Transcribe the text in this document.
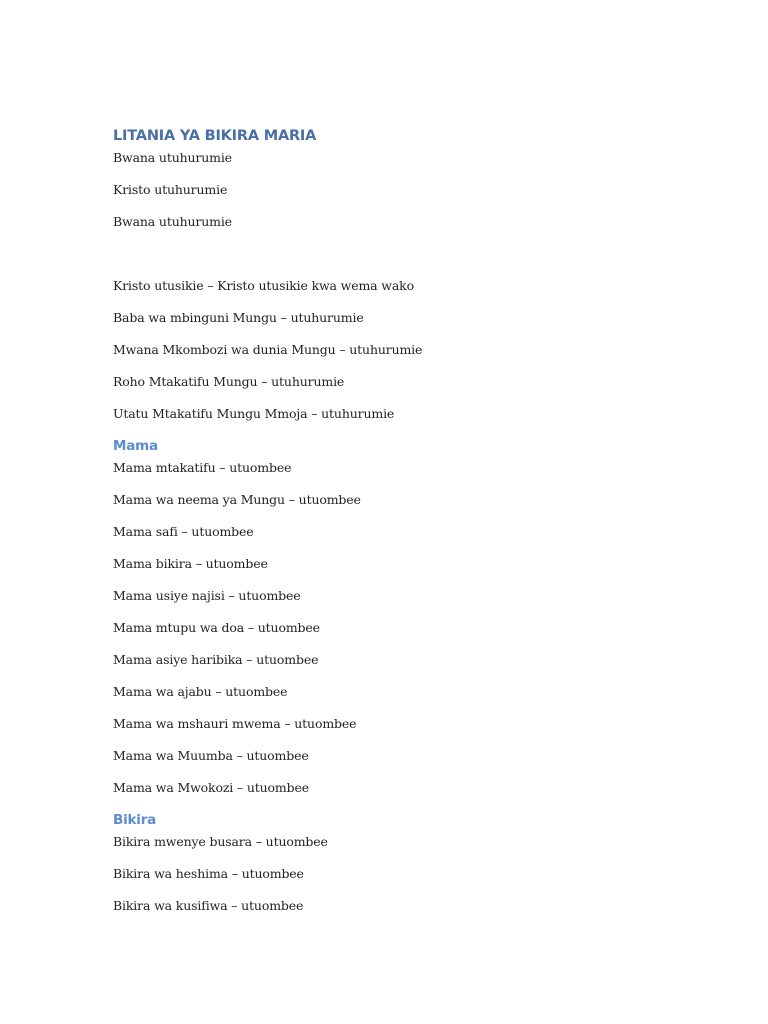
LITANIA YA BIKIRA MARIA

Bwana utuhurumie

Kristo utuhurumie

Bwana utuhurumie

Kristo utusikie – Kristo utusikie kwa wema wako

Baba wa mbinguni Mungu – utuhurumie

Mwana Mkombozi wa dunia Mungu – utuhurumie

Roho Mtakatifu Mungu – utuhurumie

Utatu Mtakatifu Mungu Mmoja – utuhurumie

Mama

Mama mtakatifu – utuombee

Mama wa neema ya Mungu – utuombee

Mama safi – utuombee

Mama bikira – utuombee

Mama usiye najisi – utuombee

Mama mtupu wa doa – utuombee

Mama asiye haribika – utuombee

Mama wa ajabu – utuombee

Mama wa mshauri mwema – utuombee

Mama wa Muumba – utuombee

Mama wa Mwokozi – utuombee

Bikira

Bikira mwenye busara – utuombee

Bikira wa heshima – utuombee

Bikira wa kusifiwa – utuombee
